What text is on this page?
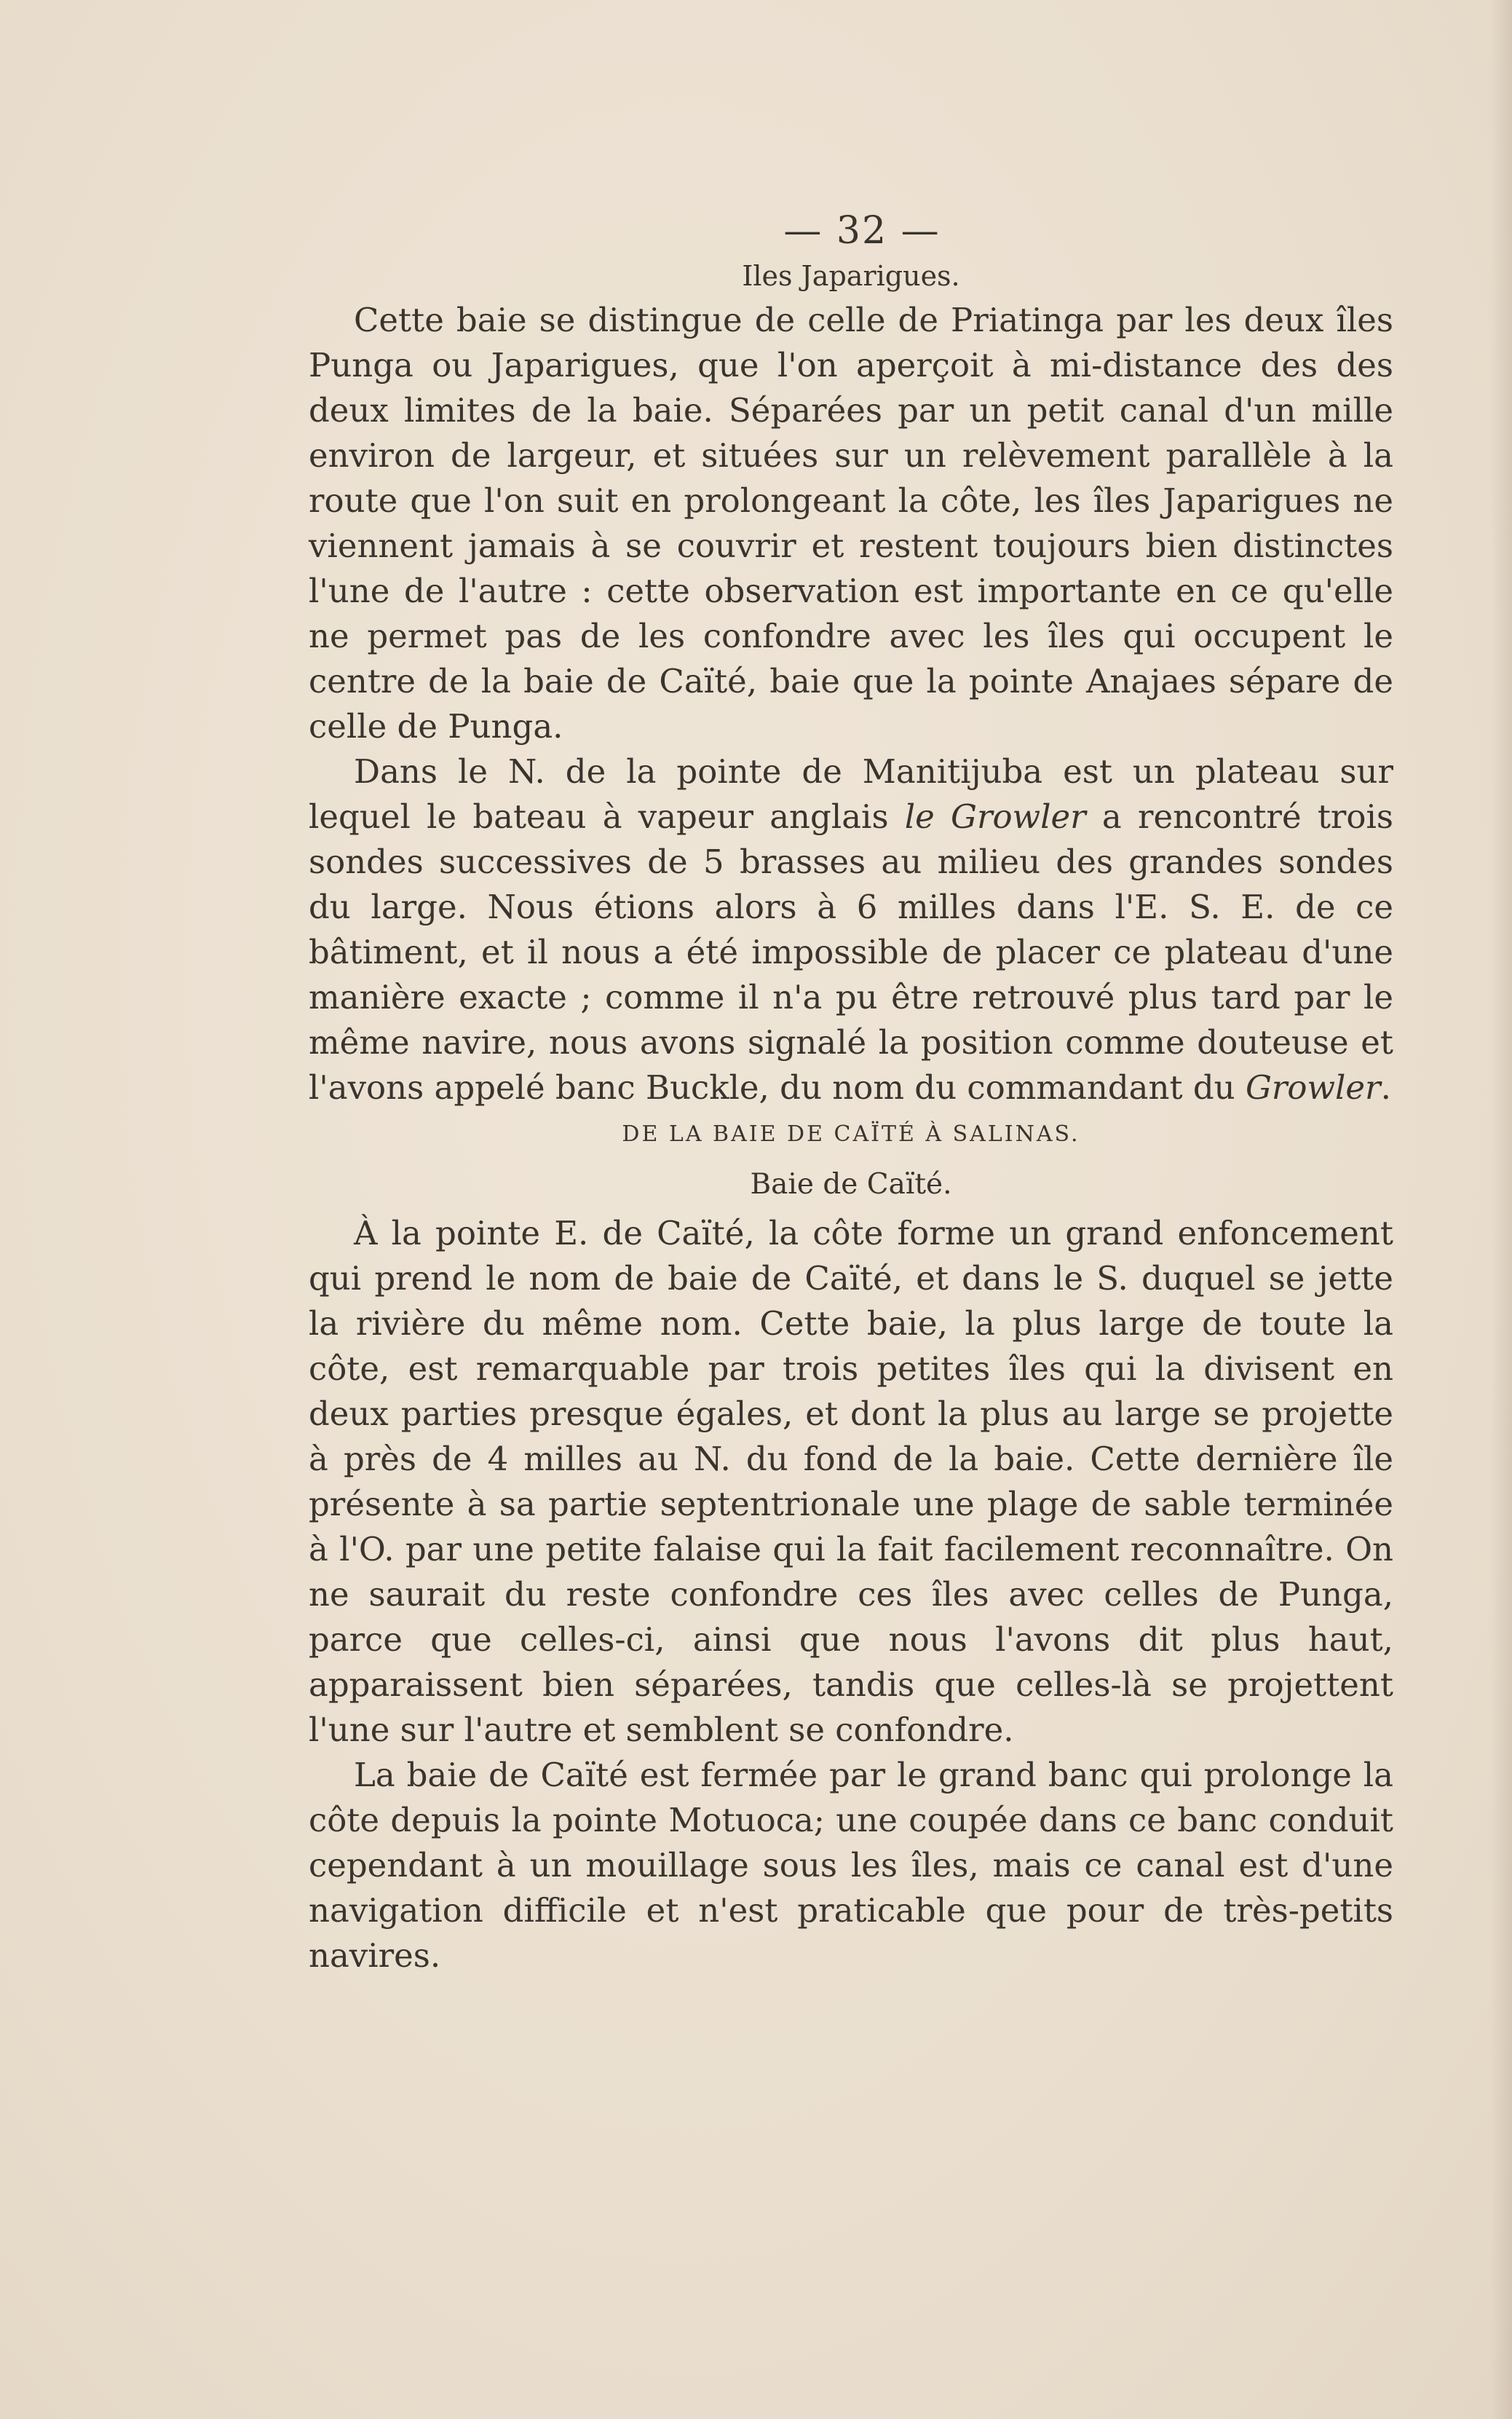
— 32 —

Iles Japarigues.

Cette baie se distingue de celle de Priatinga par les deux îles Punga ou Japarigues, que l'on aperçoit à mi-distance des des deux limites de la baie. Séparées par un petit canal d'un mille environ de largeur, et situées sur un relèvement parallèle à la route que l'on suit en prolongeant la côte, les îles Japarigues ne viennent jamais à se couvrir et restent toujours bien distinctes l'une de l'autre : cette observation est importante en ce qu'elle ne permet pas de les confondre avec les îles qui occupent le centre de la baie de Caïté, baie que la pointe Anajaes sépare de celle de Punga.

Dans le N. de la pointe de Manitijuba est un plateau sur lequel le bateau à vapeur anglais le Growler a rencontré trois sondes successives de 5 brasses au milieu des grandes sondes du large. Nous étions alors à 6 milles dans l'E. S. E. de ce bâtiment, et il nous a été impossible de placer ce plateau d'une manière exacte ; comme il n'a pu être retrouvé plus tard par le même navire, nous avons signalé la position comme douteuse et l'avons appelé banc Buckle, du nom du commandant du Growler.

DE LA BAIE DE CAÏTÉ À SALINAS.

Baie de Caïté.

À la pointe E. de Caïté, la côte forme un grand enfoncement qui prend le nom de baie de Caïté, et dans le S. duquel se jette la rivière du même nom. Cette baie, la plus large de toute la côte, est remarquable par trois petites îles qui la divisent en deux parties presque égales, et dont la plus au large se projette à près de 4 milles au N. du fond de la baie. Cette dernière île présente à sa partie septentrionale une plage de sable terminée à l'O. par une petite falaise qui la fait facilement reconnaître. On ne saurait du reste confondre ces îles avec celles de Punga, parce que celles-ci, ainsi que nous l'avons dit plus haut, apparaissent bien séparées, tandis que celles-là se projettent l'une sur l'autre et semblent se confondre.

La baie de Caïté est fermée par le grand banc qui prolonge la côte depuis la pointe Motuoca; une coupée dans ce banc conduit cependant à un mouillage sous les îles, mais ce canal est d'une navigation difficile et n'est praticable que pour de très-petits navires.
